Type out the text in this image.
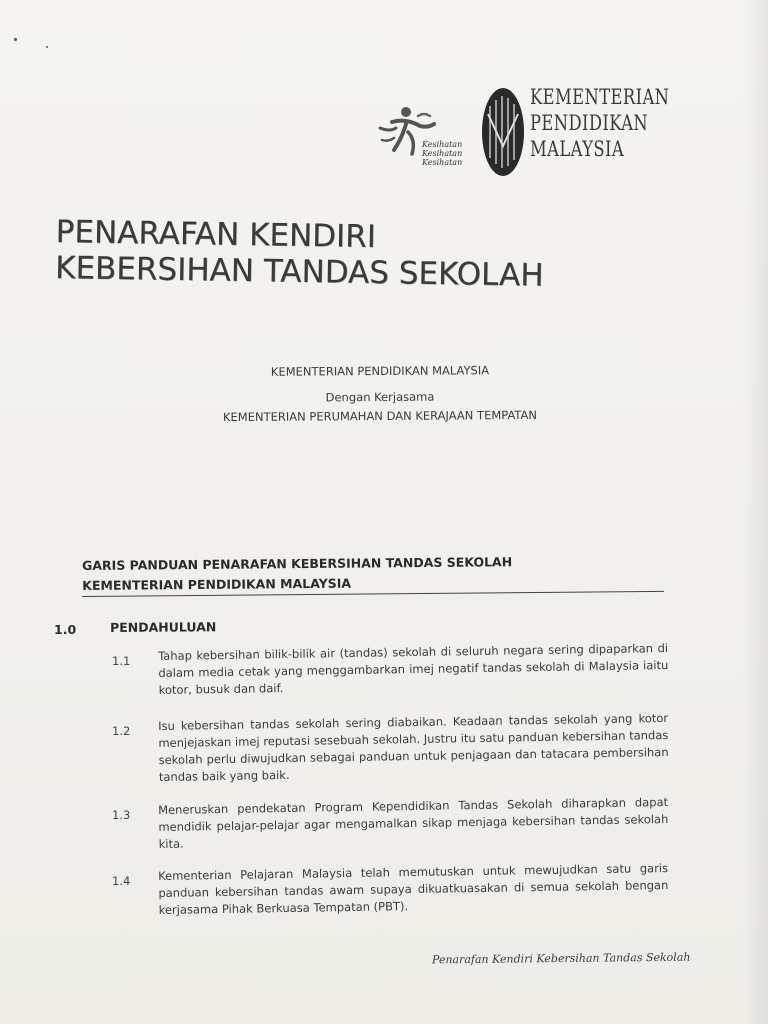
Kesihatan Kesihatan Kesihatan
KEMENTERIAN
PENDIDIKAN
MALAYSIA
PENARAFAN KENDIRI
KEBERSIHAN TANDAS SEKOLAH
KEMENTERIAN PENDIDIKAN MALAYSIA
Dengan Kerjasama
KEMENTERIAN PERUMAHAN DAN KERAJAAN TEMPATAN
GARIS PANDUAN PENARAFAN KEBERSIHAN TANDAS SEKOLAH
KEMENTERIAN PENDIDIKAN MALAYSIA
1.0	PENDAHULUAN
1.1 Tahap kebersihan bilik-bilik air (tandas) sekolah di seluruh negara sering dipaparkan di dalam media cetak yang menggambarkan imej negatif tandas sekolah di Malaysia iaitu kotor, busuk dan daif.
1.2 Isu kebersihan tandas sekolah sering diabaikan. Keadaan tandas sekolah yang kotor menjejaskan imej reputasi sesebuah sekolah. Justru itu satu panduan kebersihan tandas sekolah perlu diwujudkan sebagai panduan untuk penjagaan dan tatacara pembersihan tandas baik yang baik.
1.3 Meneruskan pendekatan Program Kependidikan Tandas Sekolah diharapkan dapat mendidik pelajar-pelajar agar mengamalkan sikap menjaga kebersihan tandas sekolah kita.
1.4 Kementerian Pelajaran Malaysia telah memutuskan untuk mewujudkan satu garis panduan kebersihan tandas awam supaya dikuatkuasakan di semua sekolah bengan kerjasama Pihak Berkuasa Tempatan (PBT).
Penarafan Kendiri Kebersihan Tandas Sekolah
